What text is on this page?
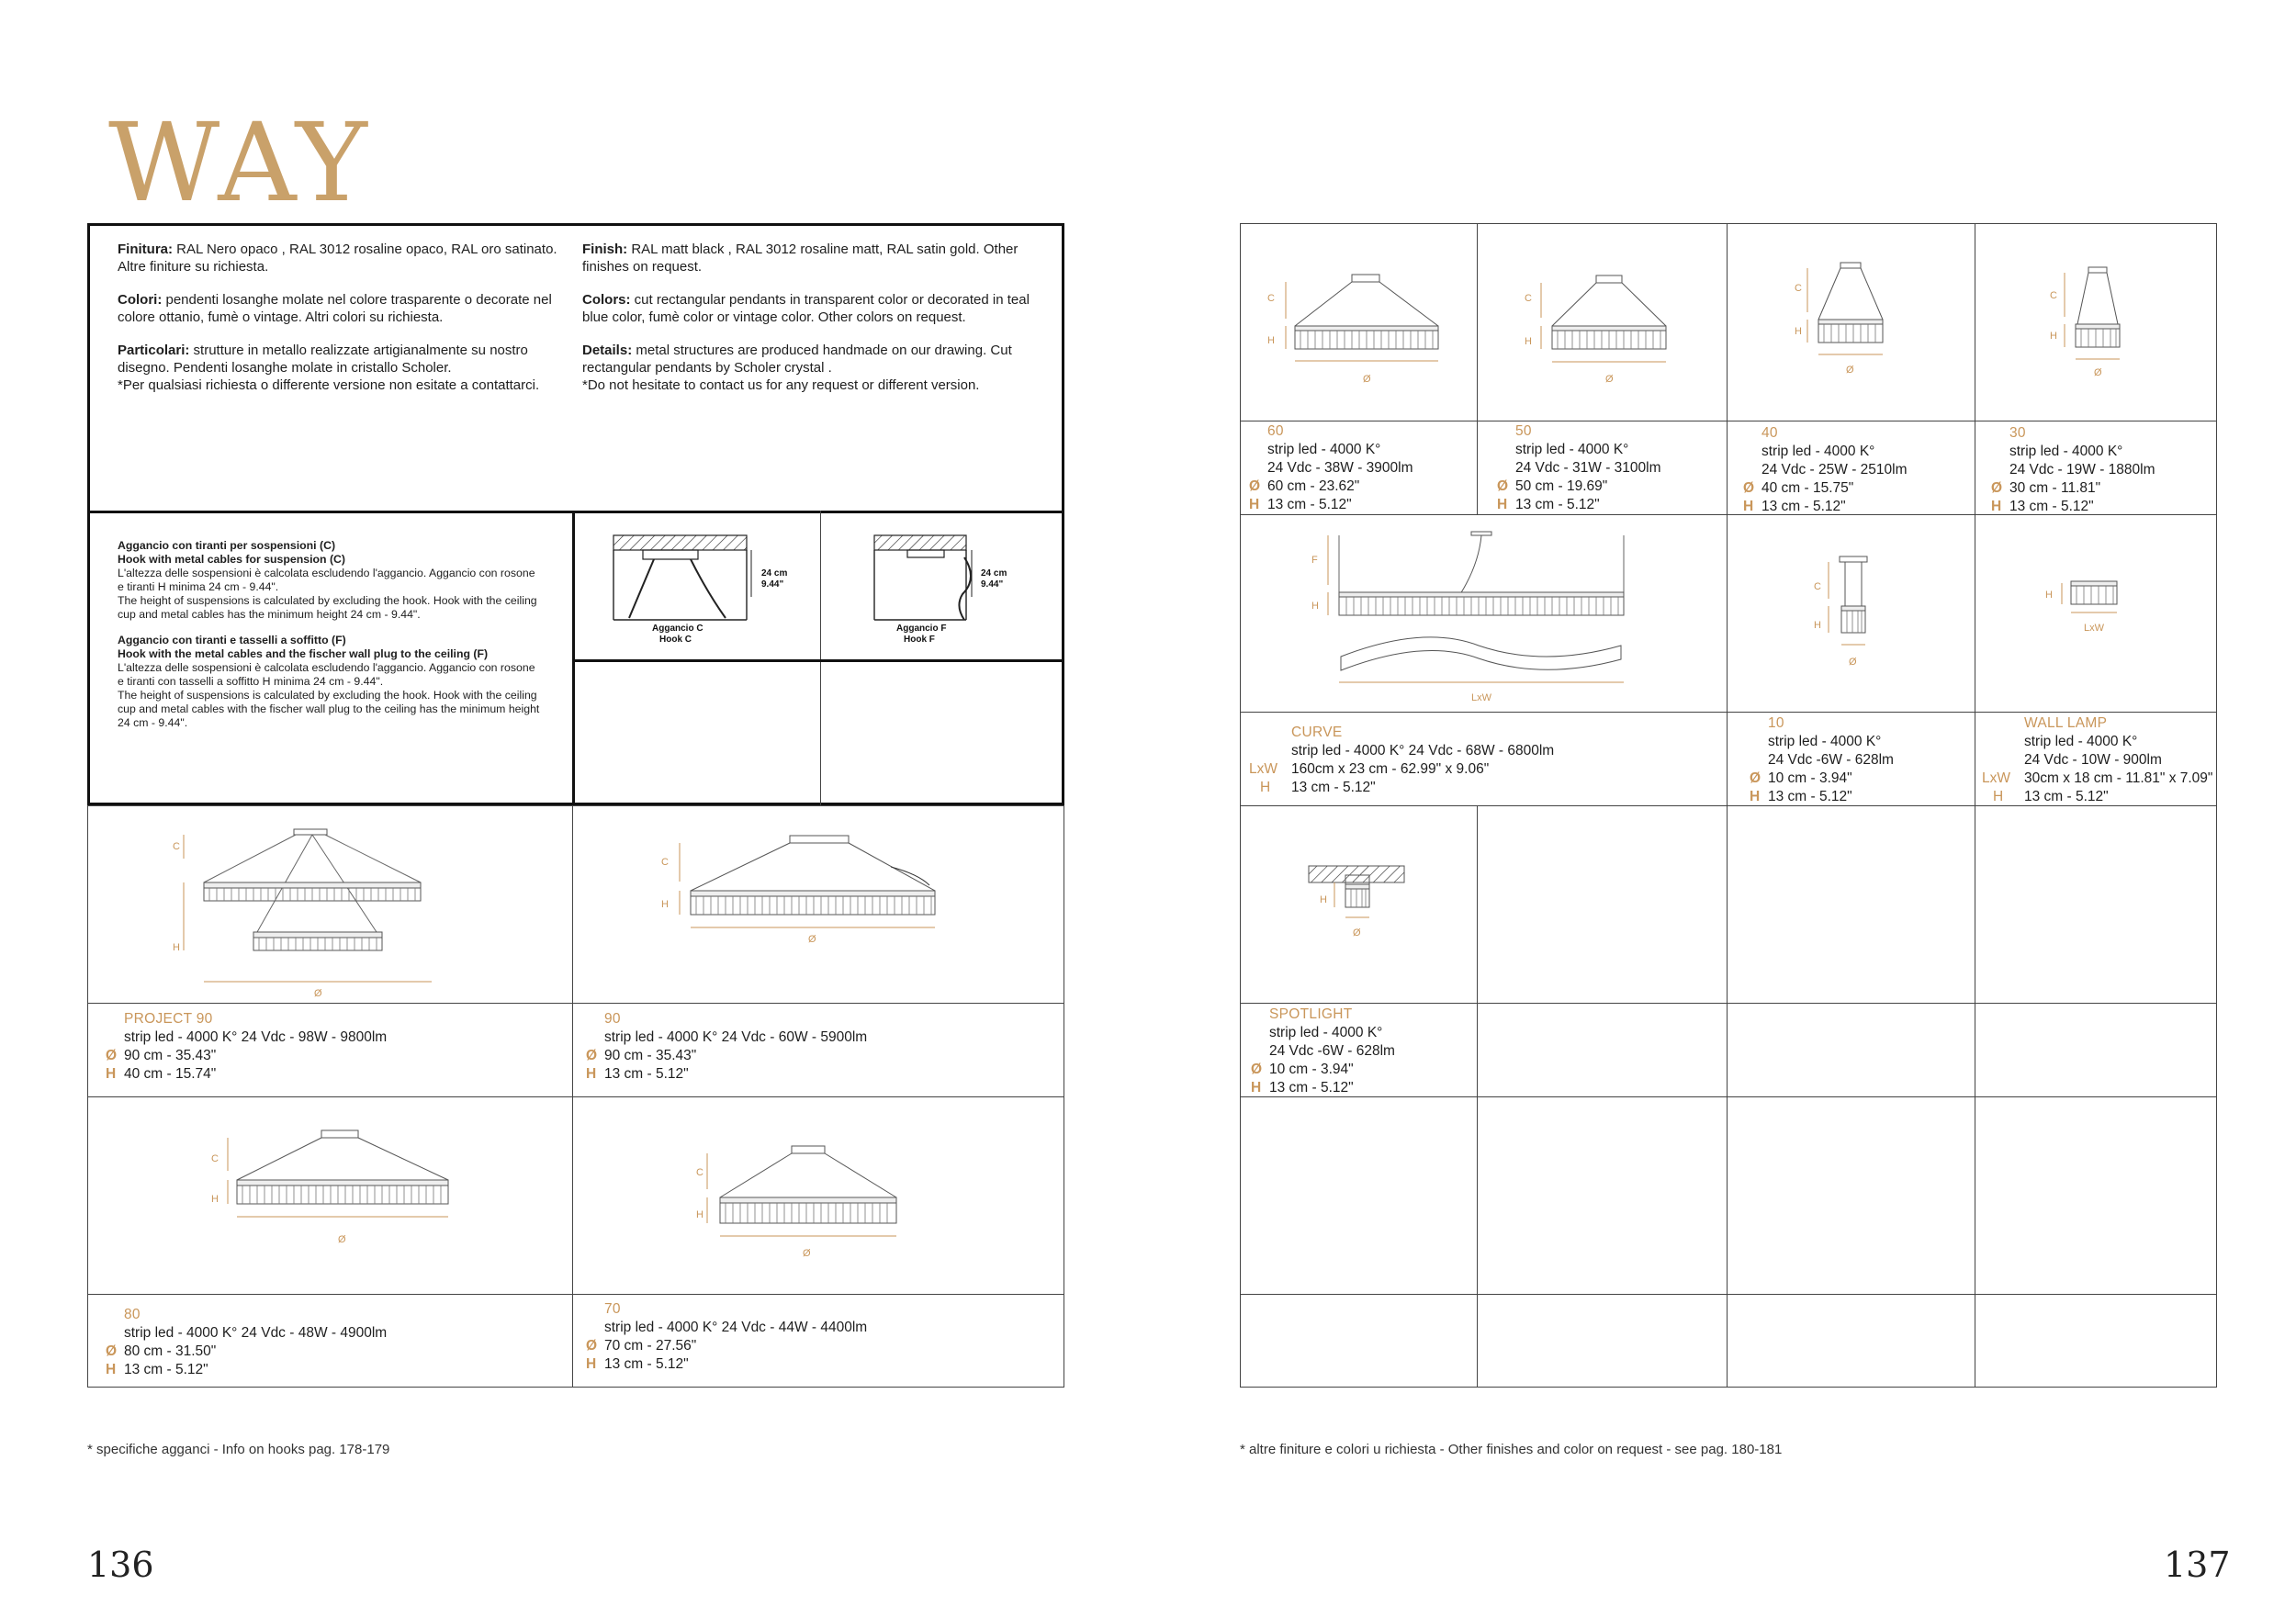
WAY

Finitura: RAL Nero opaco , RAL 3012 rosaline opaco, RAL oro satinato. Altre finiture su richiesta.

Colori: pendenti losanghe molate nel colore trasparente o decorate nel colore ottanio, fumè o vintage. Altri colori su richiesta.

Particolari: strutture in metallo realizzate artigianalmente su nostro disegno. Pendenti losanghe molate in cristallo Scholer.

*Per qualsiasi richiesta o differente versione non esitate a contattarci.

Finish: RAL matt black , RAL 3012 rosaline matt, RAL satin gold. Other finishes on request.

Colors: cut rectangular pendants in transparent color or decorated in teal blue color, fumè color or vintage color. Other colors on request.

Details: metal structures are produced handmade on our drawing. Cut rectangular pendants by Scholer crystal .

*Do not hesitate to contact us for any request or different version.

Aggancio con tiranti per sospensioni (C)

Hook with metal cables for suspension (C)

L'altezza delle sospensioni è calcolata escludendo l'aggancio. Aggancio con rosone e tiranti H minima 24 cm - 9.44".

The height of suspensions is calculated by excluding the hook. Hook with the ceiling cup and metal cables has the minimum height 24 cm - 9.44".

Aggancio con tiranti e tasselli a soffitto (F)

Hook with the metal cables and the fischer wall plug to the ceiling (F)

L'altezza delle sospensioni è calcolata escludendo l'aggancio. Aggancio con rosone e tiranti con tasselli a soffitto H minima 24 cm - 9.44".

The height of suspensions is calculated by excluding the hook. Hook with the ceiling cup and metal cables with the fischer wall plug to the ceiling has the minimum height 24 cm - 9.44".

24 cm
9.44"
Aggancio C
Hook C
24 cm
9.44"
Aggancio F
Hook F
C
H
Ø
C
H
Ø
C
H
Ø
C
H
Ø
PROJECT 90
strip led - 4000 K° 24 Vdc - 98W - 9800lm
Ø 90 cm - 35.43"
H 40 cm - 15.74"
90
strip led - 4000 K° 24 Vdc - 60W - 5900lm
Ø 90 cm - 35.43"
H 13 cm - 5.12"
80
strip led - 4000 K° 24 Vdc - 48W - 4900lm
Ø 80 cm - 31.50"
H 13 cm - 5.12"
70
strip led - 4000 K° 24 Vdc - 44W - 4400lm
Ø 70 cm - 27.56"
H 13 cm - 5.12"
* specifiche agganci - Info on hooks pag. 178-179
136
C
H
Ø
C
H
Ø
C
H
Ø
C
H
Ø
F
H
LxW
C
H
Ø
H
LxW
H
Ø
60
strip led - 4000 K°
24 Vdc - 38W - 3900lm
Ø 60 cm - 23.62"
H 13 cm - 5.12"
50
strip led - 4000 K°
24 Vdc - 31W - 3100lm
Ø 50 cm - 19.69"
H 13 cm - 5.12"
40
strip led - 4000 K°
24 Vdc - 25W - 2510lm
Ø 40 cm - 15.75"
H 13 cm - 5.12"
30
strip led - 4000 K°
24 Vdc - 19W - 1880lm
Ø 30 cm - 11.81"
H 13 cm - 5.12"
CURVE
strip led - 4000 K° 24 Vdc - 68W - 6800lm
LxW 160cm x 23 cm - 62.99" x 9.06"
H 13 cm - 5.12"
10
strip led - 4000 K°
24 Vdc -6W - 628lm
Ø 10 cm - 3.94"
H 13 cm - 5.12"
WALL LAMP
strip led - 4000 K°
24 Vdc - 10W - 900lm
LxW 30cm x 18 cm - 11.81" x 7.09"
H 13 cm - 5.12"
SPOTLIGHT
strip led - 4000 K°
24 Vdc -6W - 628lm
Ø 10 cm - 3.94"
H 13 cm - 5.12"
* altre finiture e colori u richiesta - Other finishes and color on request - see pag. 180-181
137
